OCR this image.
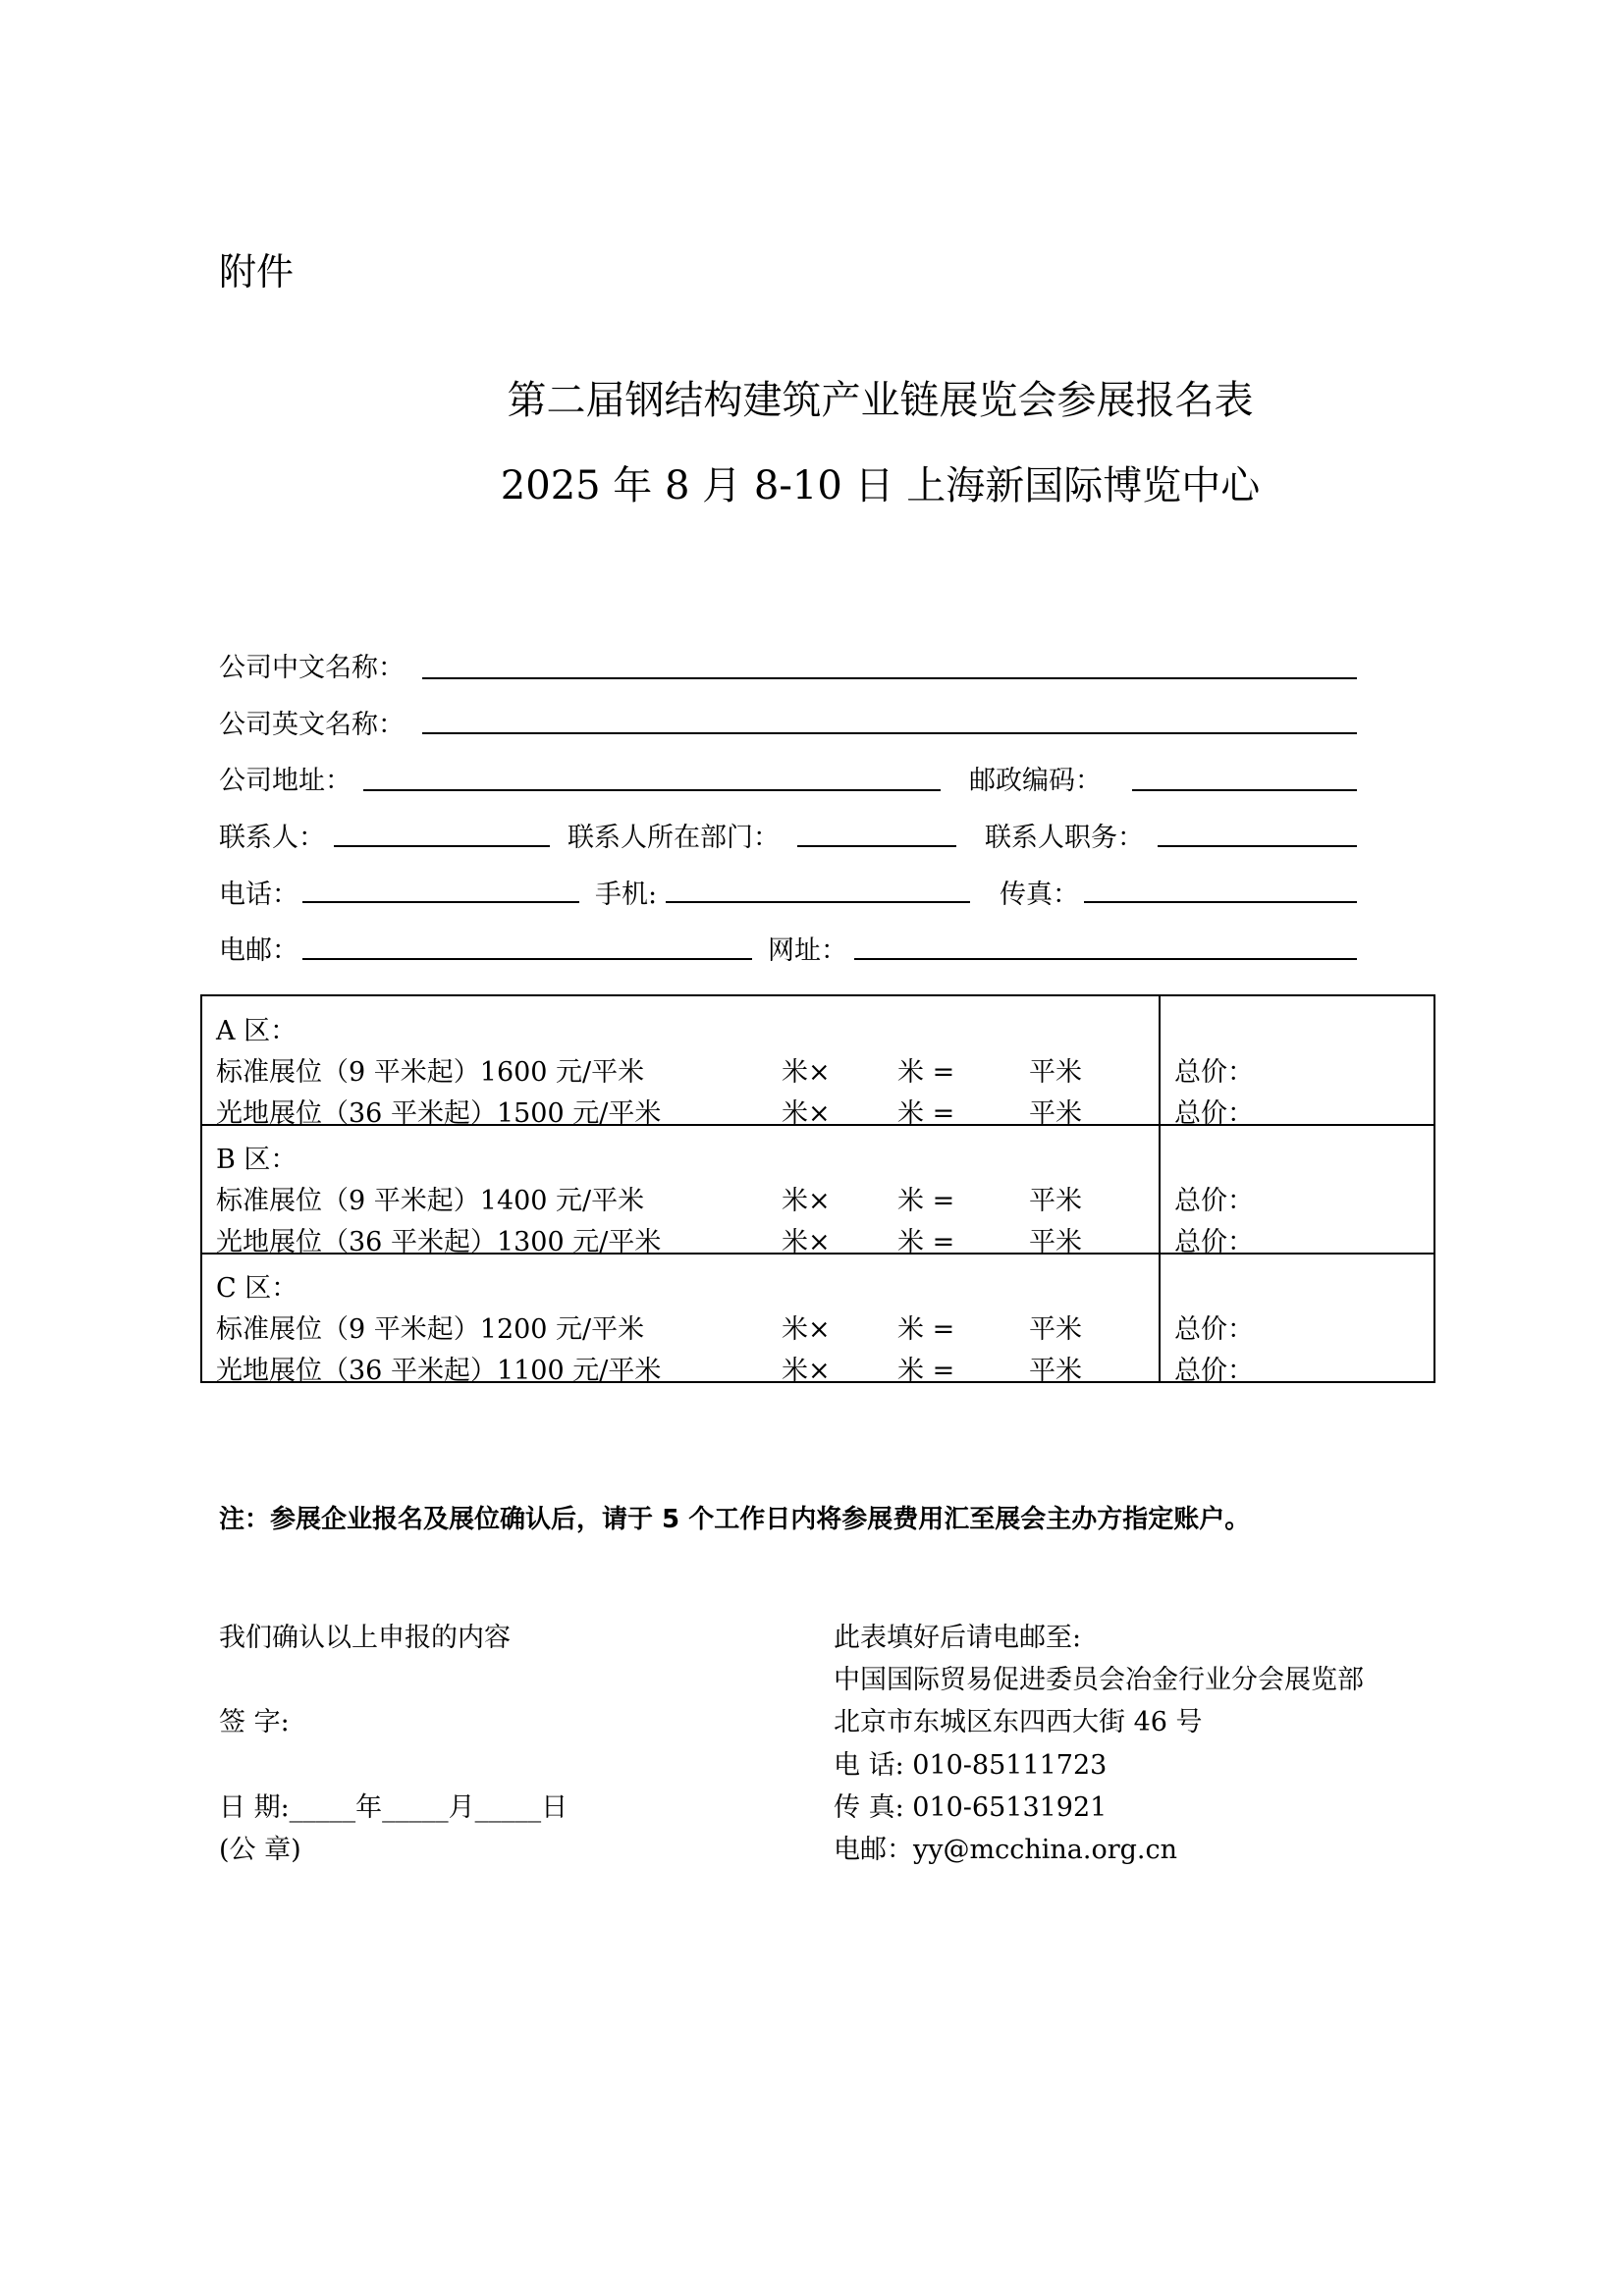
附件
第二届钢结构建筑产业链展览会参展报名表
2025 年 8 月 8-10 日 上海新国际博览中心
公司中文名称：
公司英文名称：
公司地址：	邮政编码：
联系人：	联系人所在部门：	联系人职务：
电话：	手机:	传真：
电邮：	网址：
A 区：
标准展位（9 平米起）1600 元/平米	米×	米 =	平米	总价：
光地展位（36 平米起）1500 元/平米	米×	米 =	平米	总价：
B 区：
标准展位（9 平米起）1400 元/平米	米×	米 =	平米	总价：
光地展位（36 平米起）1300 元/平米	米×	米 =	平米	总价：
C 区：
标准展位（9 平米起）1200 元/平米	米×	米 =	平米	总价：
光地展位（36 平米起）1100 元/平米	米×	米 =	平米	总价：
注：参展企业报名及展位确认后，请于 5 个工作日内将参展费用汇至展会主办方指定账户。
我们确认以上申报的内容
签 字:
日 期:_____年_____月_____日
(公 章)
此表填好后请电邮至:
中国国际贸易促进委员会冶金行业分会展览部
北京市东城区东四西大街 46 号
电 话: 010-85111723
传 真: 010-65131921
电邮：yy@mcchina.org.cn
